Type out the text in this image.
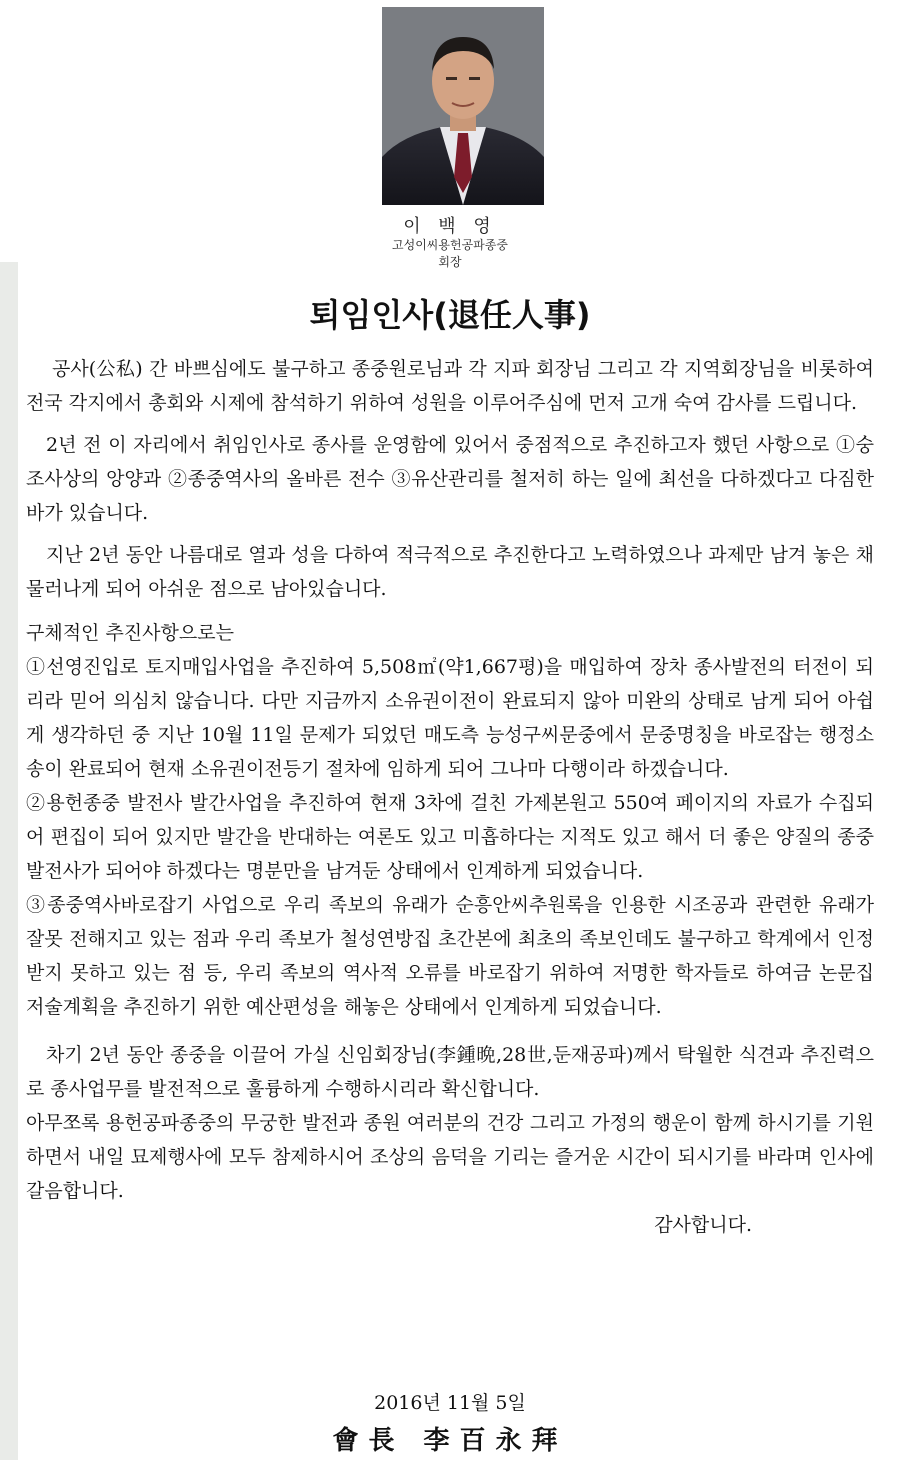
이 백 영
고성이씨용헌공파종중
회장
퇴임인사(退任人事)

공사(公私) 간 바쁘심에도 불구하고 종중원로님과 각 지파 회장님 그리고 각 지역회장님을 비롯하여 전국 각지에서 총회와 시제에 참석하기 위하여 성원을 이루어주심에 먼저 고개 숙여 감사를 드립니다.

2년 전 이 자리에서 취임인사로 종사를 운영함에 있어서 중점적으로 추진하고자 했던 사항으로 ①숭조사상의 앙양과 ②종중역사의 올바른 전수 ③유산관리를 철저히 하는 일에 최선을 다하겠다고 다짐한 바가 있습니다.

지난 2년 동안 나름대로 열과 성을 다하여 적극적으로 추진한다고 노력하였으나 과제만 남겨 놓은 채 물러나게 되어 아쉬운 점으로 남아있습니다.

구체적인 추진사항으로는

①선영진입로 토지매입사업을 추진하여 5,508㎡(약1,667평)을 매입하여 장차 종사발전의 터전이 되리라 믿어 의심치 않습니다. 다만 지금까지 소유권이전이 완료되지 않아 미완의 상태로 남게 되어 아쉽게 생각하던 중 지난 10월 11일 문제가 되었던 매도측 능성구씨문중에서 문중명칭을 바로잡는 행정소송이 완료되어 현재 소유권이전등기 절차에 임하게 되어 그나마 다행이라 하겠습니다.

②용헌종중 발전사 발간사업을 추진하여 현재 3차에 걸친 가제본원고 550여 페이지의 자료가 수집되어 편집이 되어 있지만 발간을 반대하는 여론도 있고 미흡하다는 지적도 있고 해서 더 좋은 양질의 종중발전사가 되어야 하겠다는 명분만을 남겨둔 상태에서 인계하게 되었습니다.

③종중역사바로잡기 사업으로 우리 족보의 유래가 순흥안씨추원록을 인용한 시조공과 관련한 유래가 잘못 전해지고 있는 점과 우리 족보가 철성연방집 초간본에 최초의 족보인데도 불구하고 학계에서 인정받지 못하고 있는 점 등, 우리 족보의 역사적 오류를 바로잡기 위하여 저명한 학자들로 하여금 논문집 저술계획을 추진하기 위한 예산편성을 해놓은 상태에서 인계하게 되었습니다.

차기 2년 동안 종중을 이끌어 가실 신임회장님(李鍾晩,28世,둔재공파)께서 탁월한 식견과 추진력으로 종사업무를 발전적으로 훌륭하게 수행하시리라 확신합니다.

아무쪼록 용헌공파종중의 무궁한 발전과 종원 여러분의 건강 그리고 가정의 행운이 함께 하시기를 기원하면서 내일 묘제행사에 모두 참제하시어 조상의 음덕을 기리는 즐거운 시간이 되시기를 바라며 인사에 갈음합니다.

감사합니다.
2016년 11월 5일
會長 李百永拜
